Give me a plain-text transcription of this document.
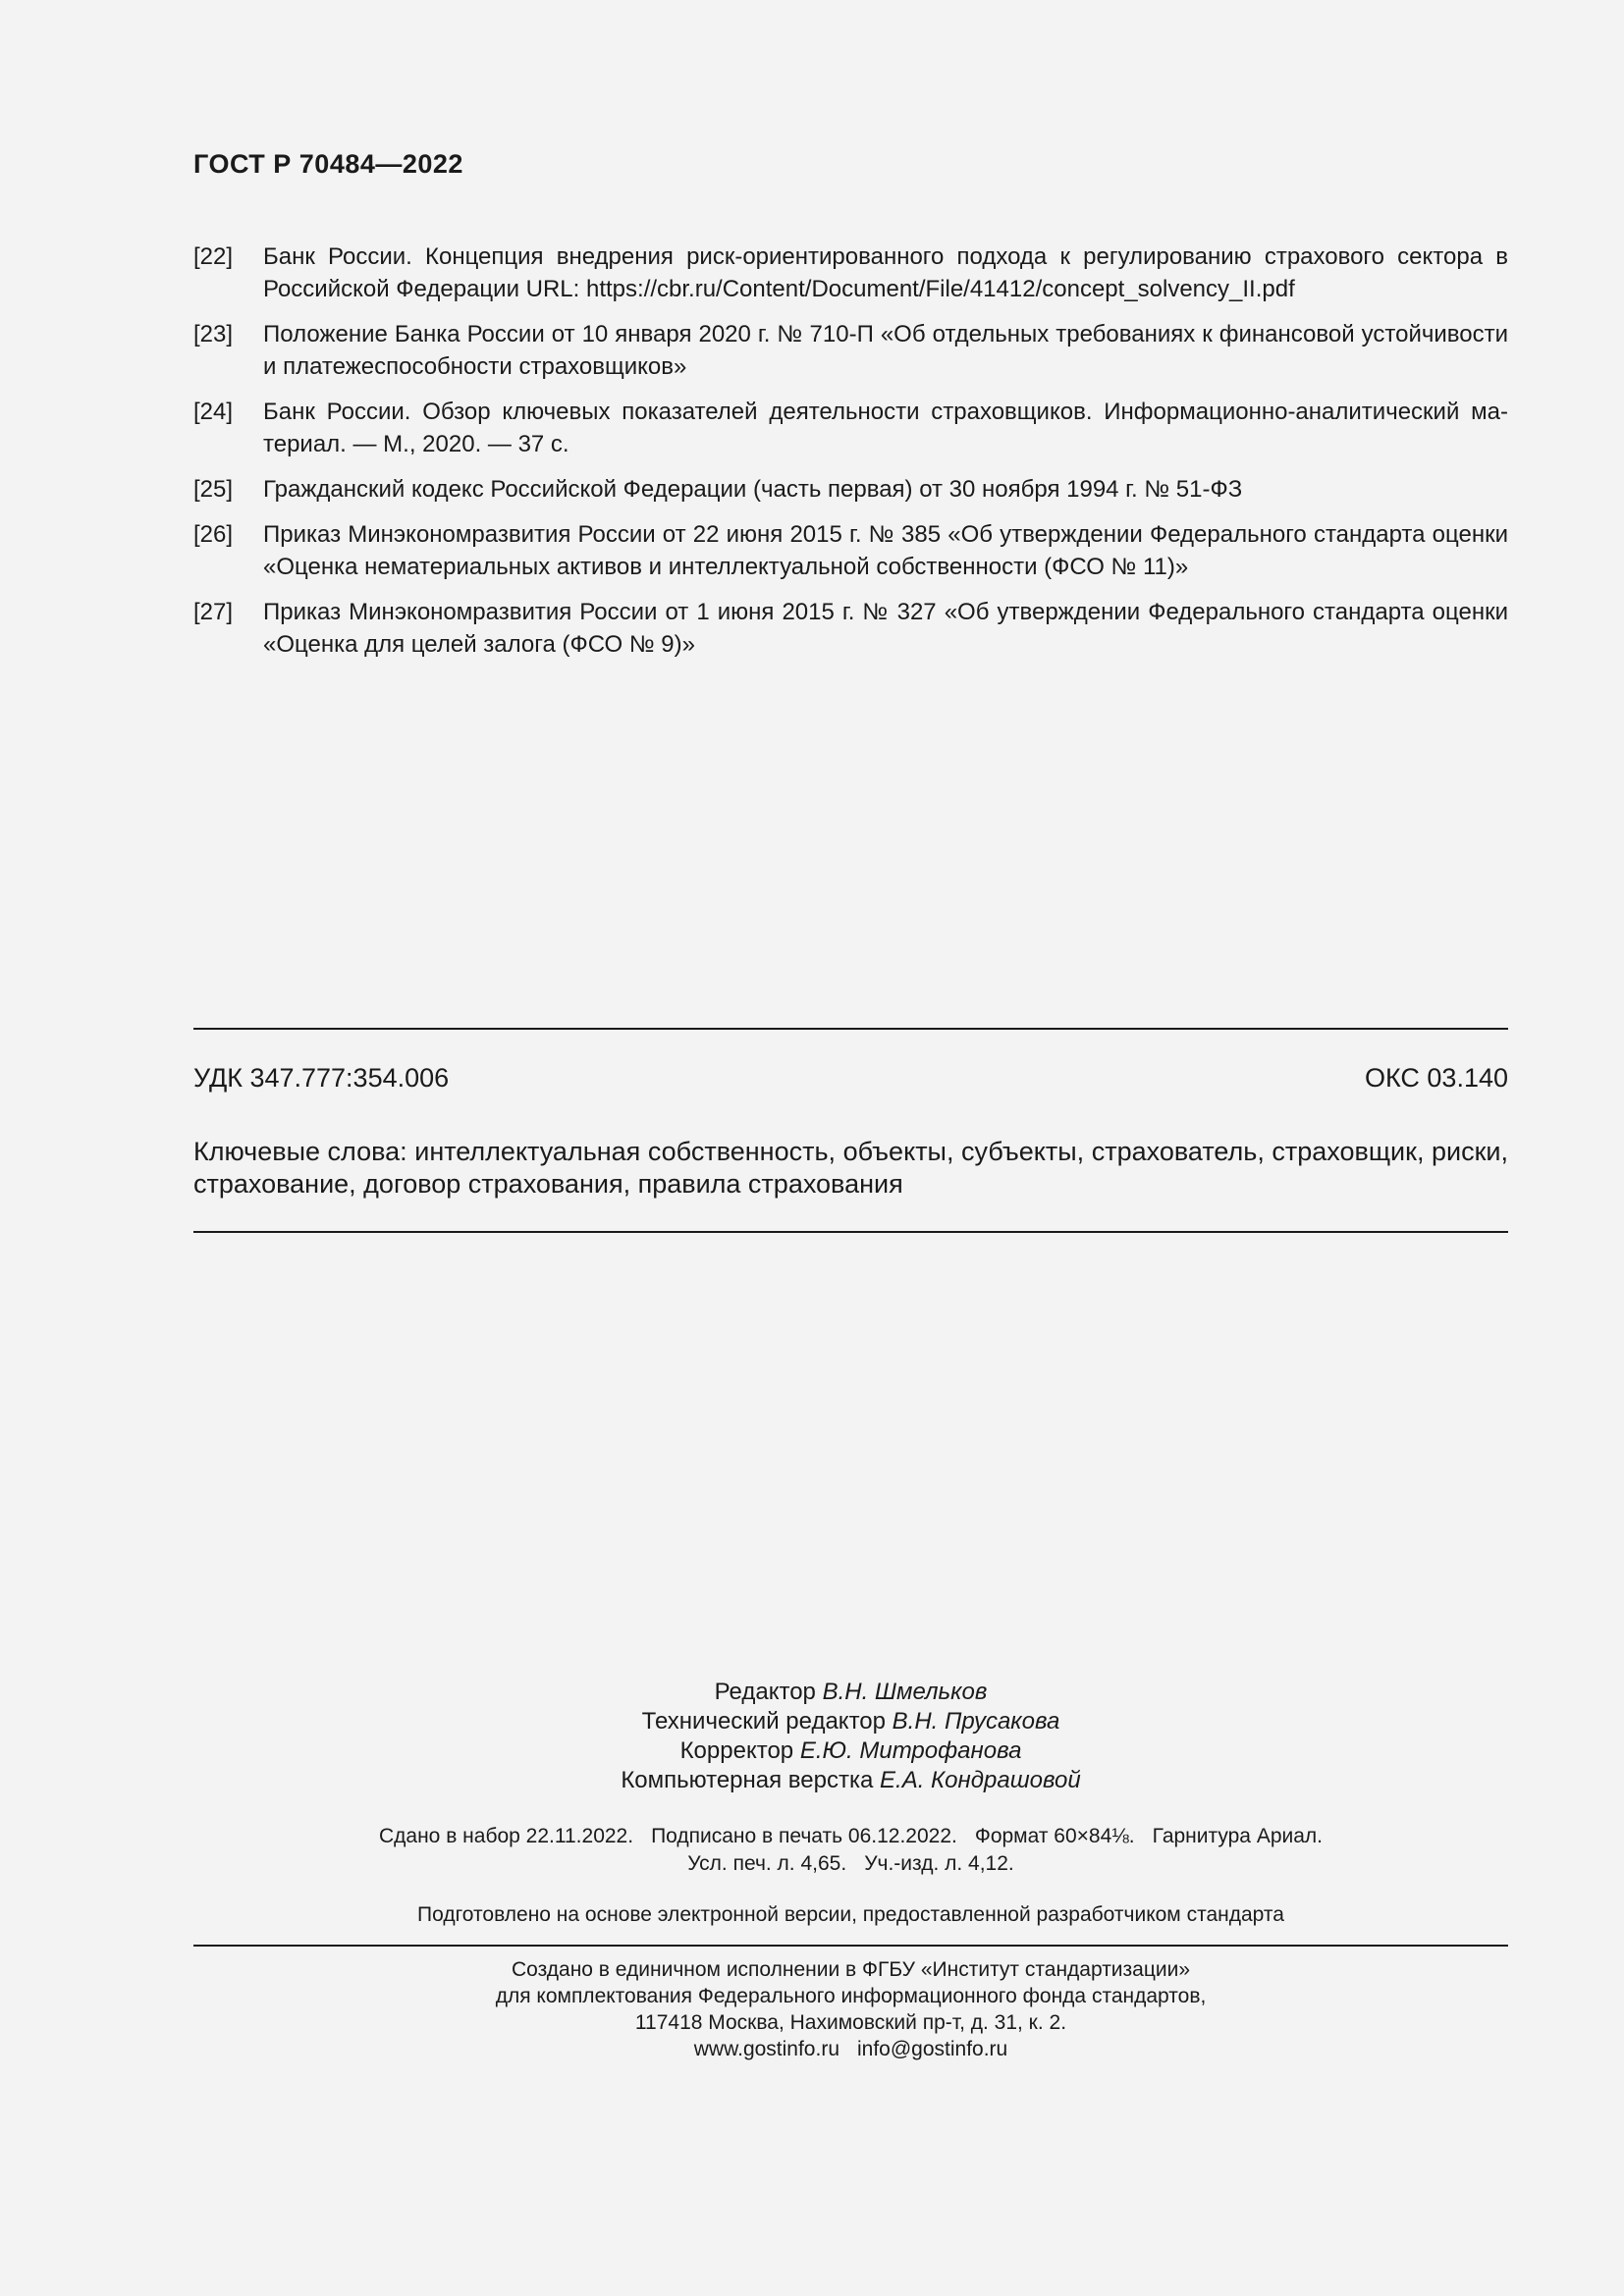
ГОСТ Р 70484—2022
[22]	Банк России. Концепция внедрения риск-ориентированного подхода к регулированию страхового сектора в Российской Федерации URL: https://cbr.ru/Content/Document/File/41412/concept_solvency_II.pdf
[23]	Положение Банка России от 10 января 2020 г. № 710-П «Об отдельных требованиях к финансовой устойчивости и платежеспособности страховщиков»
[24]	Банк России. Обзор ключевых показателей деятельности страховщиков. Информационно-аналитический материал. — М., 2020. — 37 с.
[25]	Гражданский кодекс Российской Федерации (часть первая) от 30 ноября 1994 г. № 51-ФЗ
[26]	Приказ Минэкономразвития России от 22 июня 2015 г. № 385 «Об утверждении Федерального стандарта оценки «Оценка нематериальных активов и интеллектуальной собственности (ФСО № 11)»
[27]	Приказ Минэкономразвития России от 1 июня 2015 г. № 327 «Об утверждении Федерального стандарта оценки «Оценка для целей залога (ФСО № 9)»
УДК 347.777:354.006	ОКС 03.140
Ключевые слова: интеллектуальная собственность, объекты, субъекты, страхователь, страховщик, риски, страхование, договор страхования, правила страхования
Редактор В.Н. Шмельков
Технический редактор В.Н. Прусакова
Корректор Е.Ю. Митрофанова
Компьютерная верстка Е.А. Кондрашовой
Сдано в набор 22.11.2022. Подписано в печать 06.12.2022. Формат 60×84⅛. Гарнитура Ариал.
Усл. печ. л. 4,65. Уч.-изд. л. 4,12.
Подготовлено на основе электронной версии, предоставленной разработчиком стандарта
Создано в единичном исполнении в ФГБУ «Институт стандартизации»
для комплектования Федерального информационного фонда стандартов,
117418 Москва, Нахимовский пр-т, д. 31, к. 2.
www.gostinfo.ru info@gostinfo.ru
